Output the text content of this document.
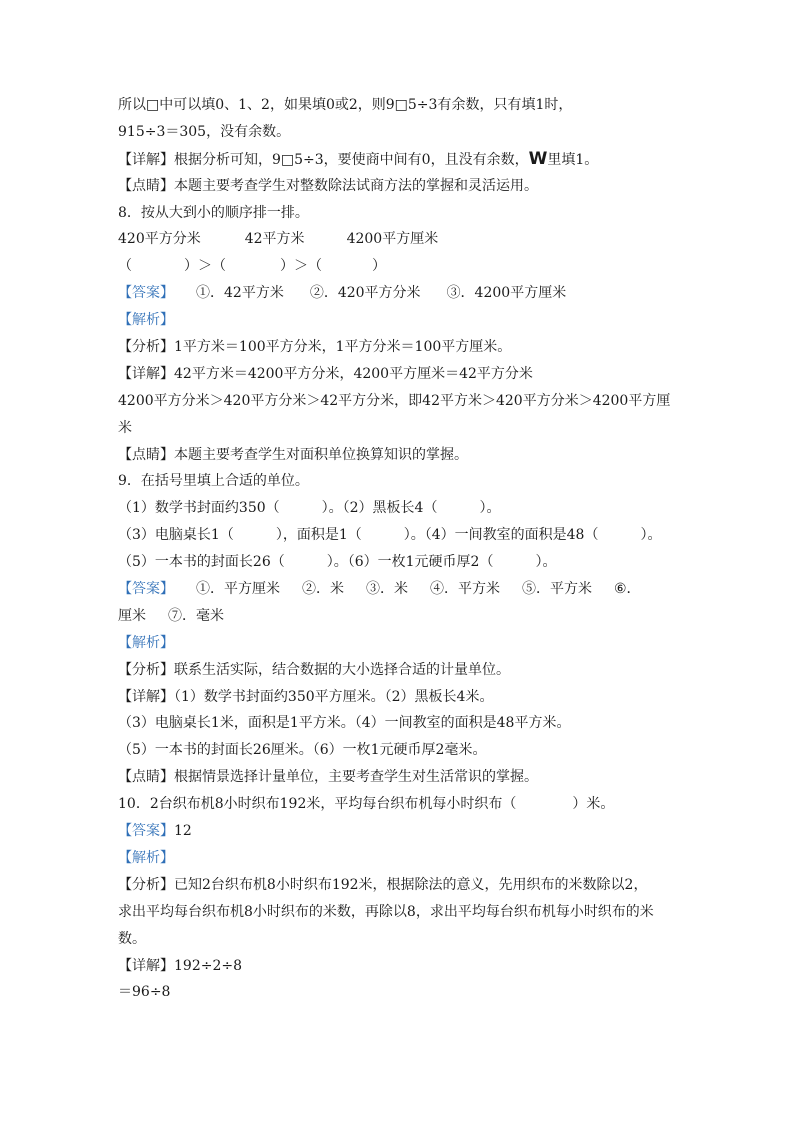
所以□中可以填0、1、2，如果填0或2，则9□5÷3有余数，只有填1时，
915÷3＝305，没有余数。
【详解】根据分析可知，9□5÷3，要使商中间有0，且没有余数，W里填1。
【点睛】本题主要考查学生对整数除法试商方法的掌握和灵活运用。
8．按从大到小的顺序排一排。
420平方分米	42平方米	4200平方厘米
（	）＞（	）＞（	）
【答案】 ①．42平方米 ②．420平方分米 ③．4200平方厘米
【解析】
【分析】1平方米＝100平方分米，1平方分米＝100平方厘米。
【详解】42平方米＝4200平方分米，4200平方厘米＝42平方分米
4200平方分米＞420平方分米＞42平方分米，即42平方米＞420平方分米＞4200平方厘
米
【点睛】本题主要考查学生对面积单位换算知识的掌握。
9．在括号里填上合适的单位。
（1）数学书封面约350（　　　）。（2）黑板长4（　　　）。
（3）电脑桌长1（　　　），面积是1（　　　）。（4）一间教室的面积是48（　　　）。
（5）一本书的封面长26（　　　）。（6）一枚1元硬币厚2（　　　）。
【答案】 ①．平方厘米 ②．米 ③．米 ④．平方米 ⑤．平方米 ⑥．
厘米 ⑦．毫米
【解析】
【分析】联系生活实际，结合数据的大小选择合适的计量单位。
【详解】（1）数学书封面约350平方厘米。（2）黑板长4米。
（3）电脑桌长1米，面积是1平方米。（4）一间教室的面积是48平方米。
（5）一本书的封面长26厘米。（6）一枚1元硬币厚2毫米。
【点睛】根据情景选择计量单位，主要考查学生对生活常识的掌握。
10．2台织布机8小时织布192米，平均每台织布机每小时织布（　　　　）米。
【答案】12
【解析】
【分析】已知2台织布机8小时织布192米，根据除法的意义，先用织布的米数除以2，
求出平均每台织布机8小时织布的米数，再除以8，求出平均每台织布机每小时织布的米
数。
【详解】192÷2÷8
＝96÷8
